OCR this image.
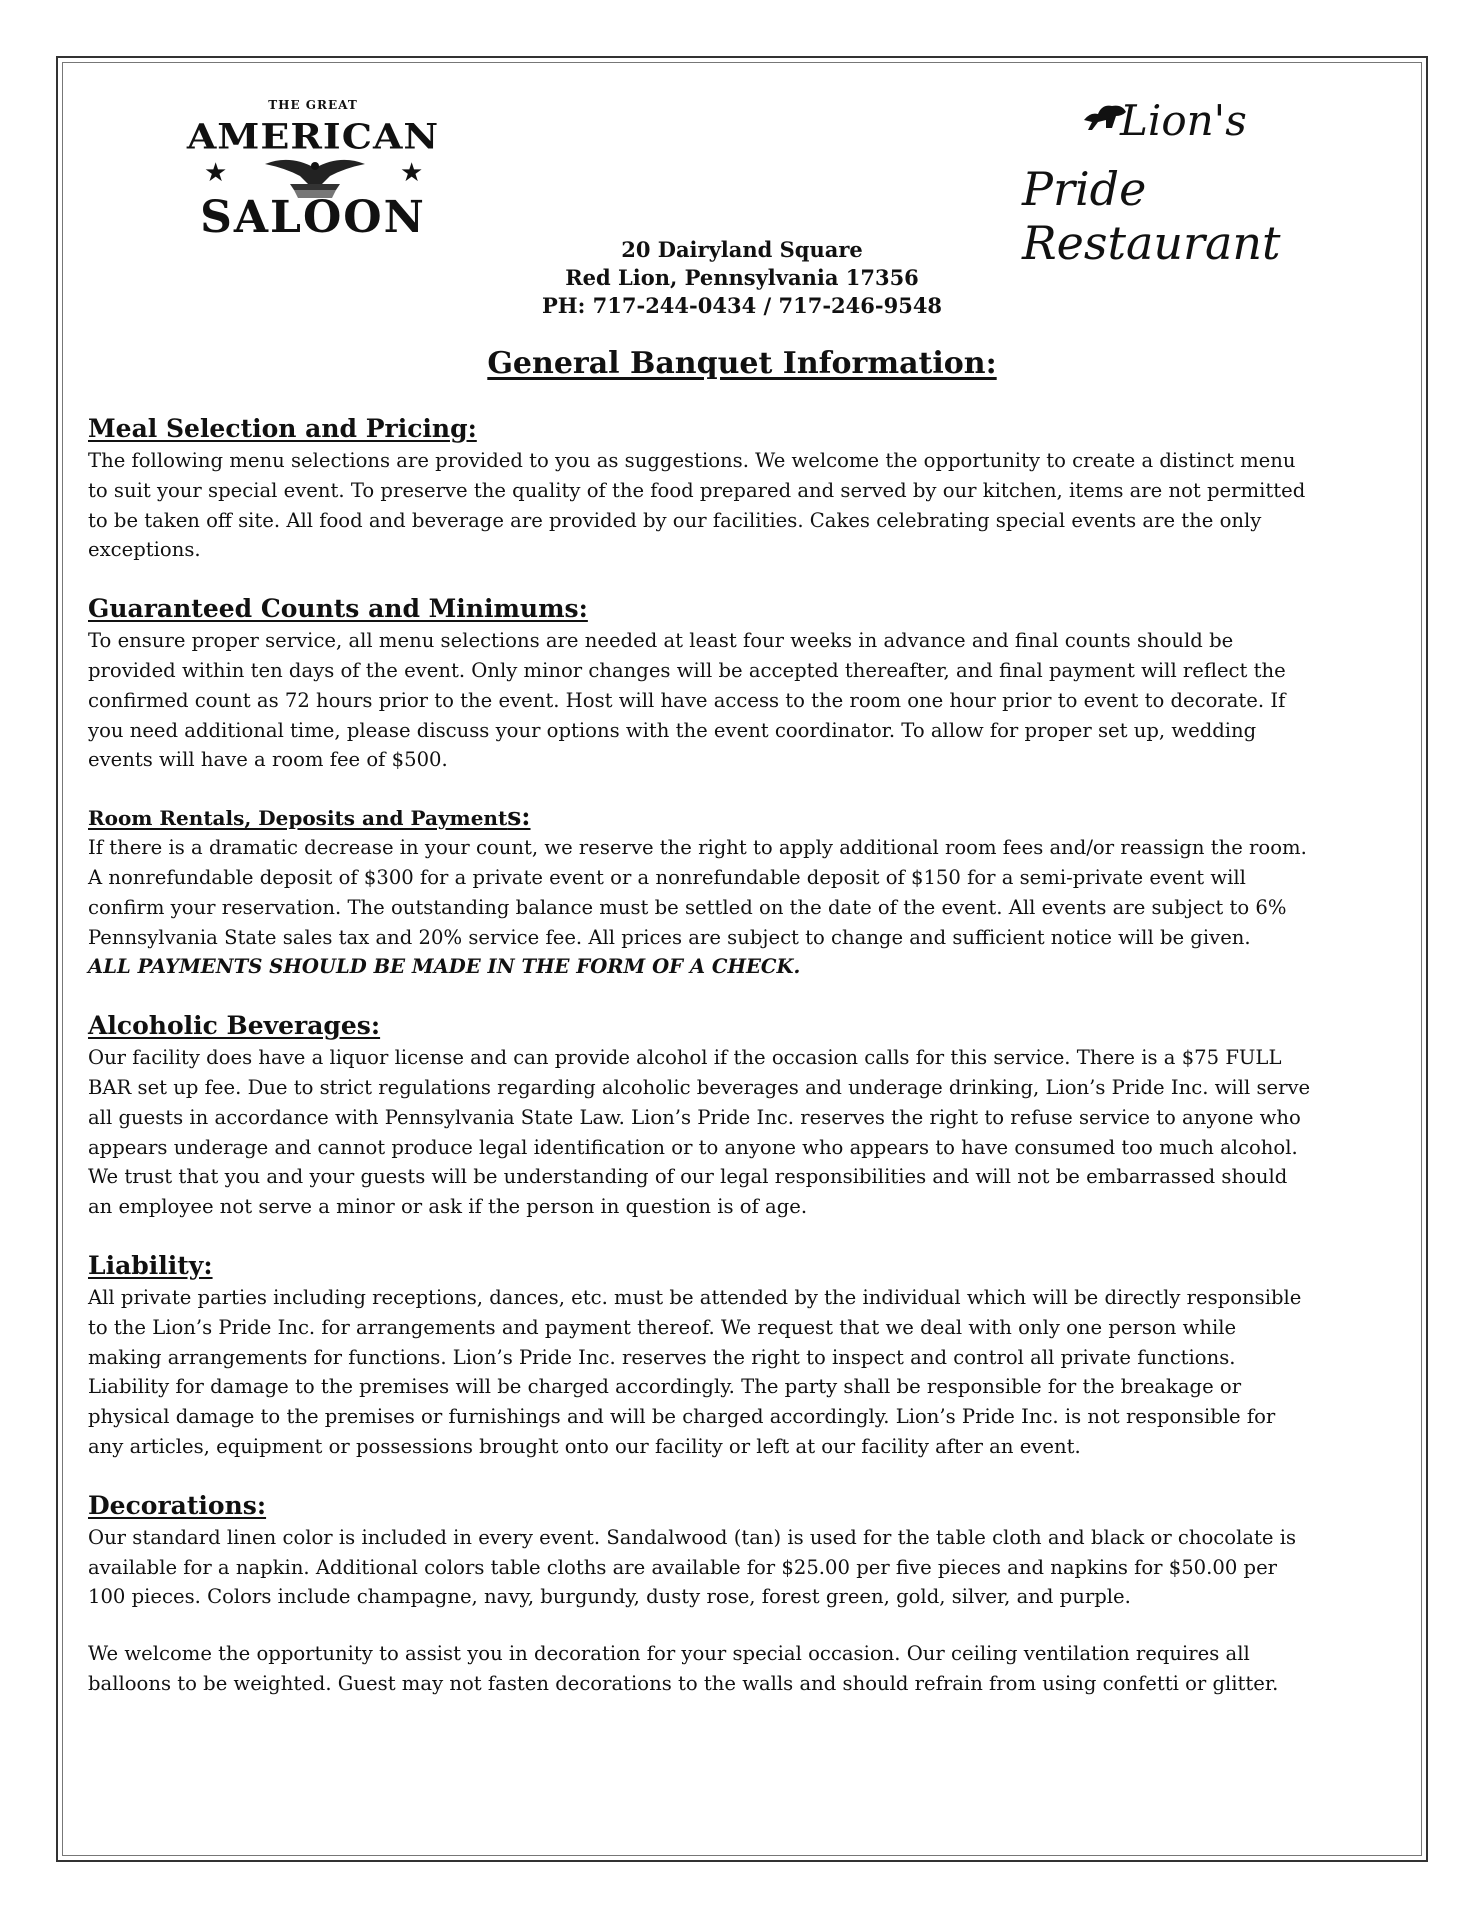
THE GREAT
AMERICAN
★	★
SALOON
Lion's
Pride Restaurant
20 Dairyland Square
Red Lion, Pennsylvania 17356
PH: 717-244-0434 / 717-246-9548
General Banquet Information:
Meal Selection and Pricing:

The following menu selections are provided to you as suggestions. We welcome the opportunity to create a distinct menu
to suit your special event. To preserve the quality of the food prepared and served by our kitchen, items are not permitted
to be taken off site. All food and beverage are provided by our facilities. Cakes celebrating special events are the only
exceptions.

Guaranteed Counts and Minimums:

To ensure proper service, all menu selections are needed at least four weeks in advance and final counts should be
provided within ten days of the event. Only minor changes will be accepted thereafter, and final payment will reflect the
confirmed count as 72 hours prior to the event. Host will have access to the room one hour prior to event to decorate. If
you need additional time, please discuss your options with the event coordinator. To allow for proper set up, wedding
events will have a room fee of $500.

Room Rentals, Deposits and Payments:

If there is a dramatic decrease in your count, we reserve the right to apply additional room fees and/or reassign the room.
A nonrefundable deposit of $300 for a private event or a nonrefundable deposit of $150 for a semi-private event will
confirm your reservation. The outstanding balance must be settled on the date of the event. All events are subject to 6%
Pennsylvania State sales tax and 20% service fee. All prices are subject to change and sufficient notice will be given.
ALL PAYMENTS SHOULD BE MADE IN THE FORM OF A CHECK.

Alcoholic Beverages:

Our facility does have a liquor license and can provide alcohol if the occasion calls for this service. There is a $75 FULL
BAR set up fee. Due to strict regulations regarding alcoholic beverages and underage drinking, Lion’s Pride Inc. will serve
all guests in accordance with Pennsylvania State Law. Lion’s Pride Inc. reserves the right to refuse service to anyone who
appears underage and cannot produce legal identification or to anyone who appears to have consumed too much alcohol.
We trust that you and your guests will be understanding of our legal responsibilities and will not be embarrassed should
an employee not serve a minor or ask if the person in question is of age.

Liability:

All private parties including receptions, dances, etc. must be attended by the individual which will be directly responsible
to the Lion’s Pride Inc. for arrangements and payment thereof. We request that we deal with only one person while
making arrangements for functions. Lion’s Pride Inc. reserves the right to inspect and control all private functions.
Liability for damage to the premises will be charged accordingly. The party shall be responsible for the breakage or
physical damage to the premises or furnishings and will be charged accordingly. Lion’s Pride Inc. is not responsible for
any articles, equipment or possessions brought onto our facility or left at our facility after an event.

Decorations:

Our standard linen color is included in every event. Sandalwood (tan) is used for the table cloth and black or chocolate is
available for a napkin. Additional colors table cloths are available for $25.00 per five pieces and napkins for $50.00 per
100 pieces. Colors include champagne, navy, burgundy, dusty rose, forest green, gold, silver, and purple.

We welcome the opportunity to assist you in decoration for your special occasion. Our ceiling ventilation requires all
balloons to be weighted. Guest may not fasten decorations to the walls and should refrain from using confetti or glitter.
